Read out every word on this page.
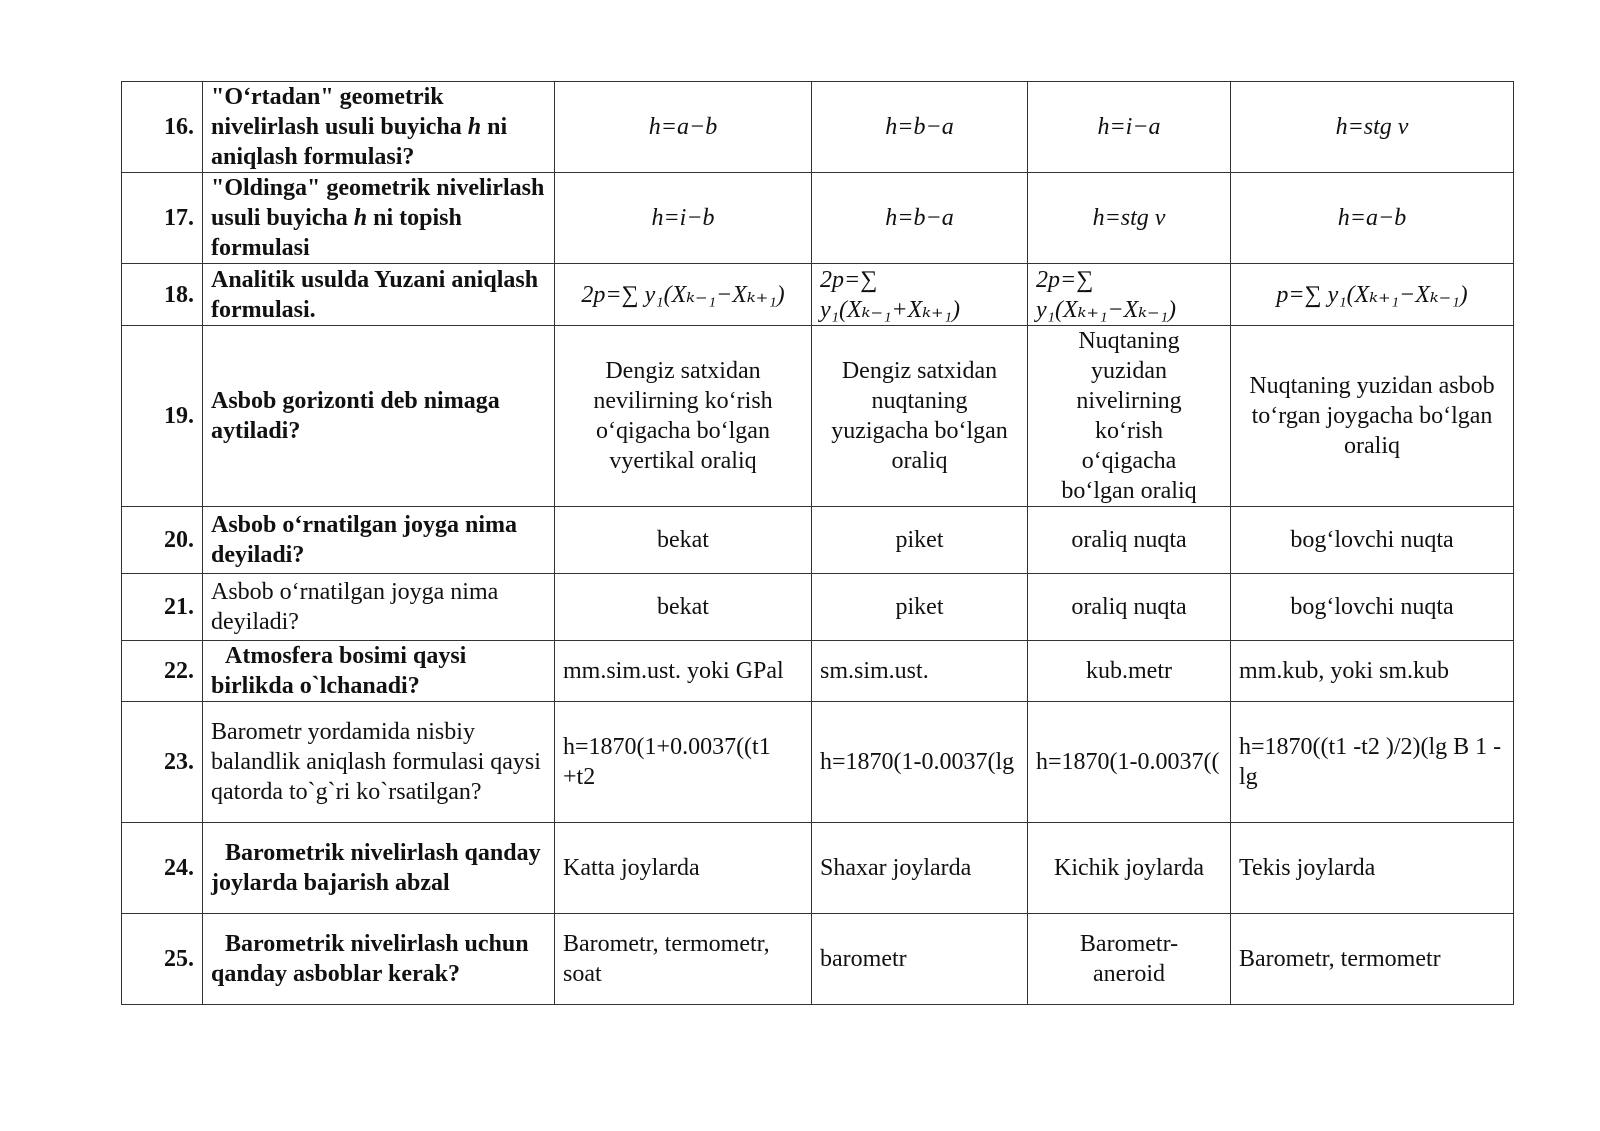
16.	"O‘rtadan" geometrik nivelirlash usuli buyicha h ni aniqlash formulasi?	h=a−b	h=b−a	h=i−a	h=stg v
17.	"Oldinga" geometrik nivelirlash usuli buyicha h ni topish formulasi	h=i−b	h=b−a	h=stg v	h=a−b
18.	Analitik usulda Yuzani aniqlash formulasi.	2p=∑ y₁(Xₖ₋₁−Xₖ₊₁)	2p=∑ y₁(Xₖ₋₁+Xₖ₊₁)	2p=∑ y₁(Xₖ₊₁−Xₖ₋₁)	p=∑ y₁(Xₖ₊₁−Xₖ₋₁)
19.	Asbob gorizonti deb nimaga aytiladi?	Dengiz satxidan nevilirning ko‘rish o‘qigacha bo‘lgan vyertikal oraliq	Dengiz satxidan nuqtaning yuzigacha bo‘lgan oraliq	Nuqtaning yuzidan nivelirning ko‘rish o‘qigacha bo‘lgan oraliq	Nuqtaning yuzidan asbob to‘rgan joygacha bo‘lgan oraliq
20.	Asbob o‘rnatilgan joyga nima deyiladi?	bekat	piket	oraliq nuqta	bog‘lovchi nuqta
21.	Asbob o‘rnatilgan joyga nima deyiladi?	bekat	piket	oraliq nuqta	bog‘lovchi nuqta
22.	Atmosfera bosimi qaysi birlikda o`lchanadi?	mm.sim.ust. yoki GPal	sm.sim.ust.	kub.metr	mm.kub, yoki sm.kub
23.	Barometr yordamida nisbiy balandlik aniqlash formulasi qaysi qatorda to`g`ri ko`rsatilgan?	h=1870(1+0.0037((t1 +t2	h=1870(1-0.0037(lg	h=1870(1-0.0037((	h=1870((t1 -t2 )/2)(lg B 1 - lg
24.	Barometrik nivelirlash qanday joylarda bajarish abzal	Katta joylarda	Shaxar joylarda	Kichik joylarda	Tekis joylarda
25.	Barometrik nivelirlash uchun qanday asboblar kerak?	Barometr, termometr, soat	barometr	Barometr-aneroid	Barometr, termometr
